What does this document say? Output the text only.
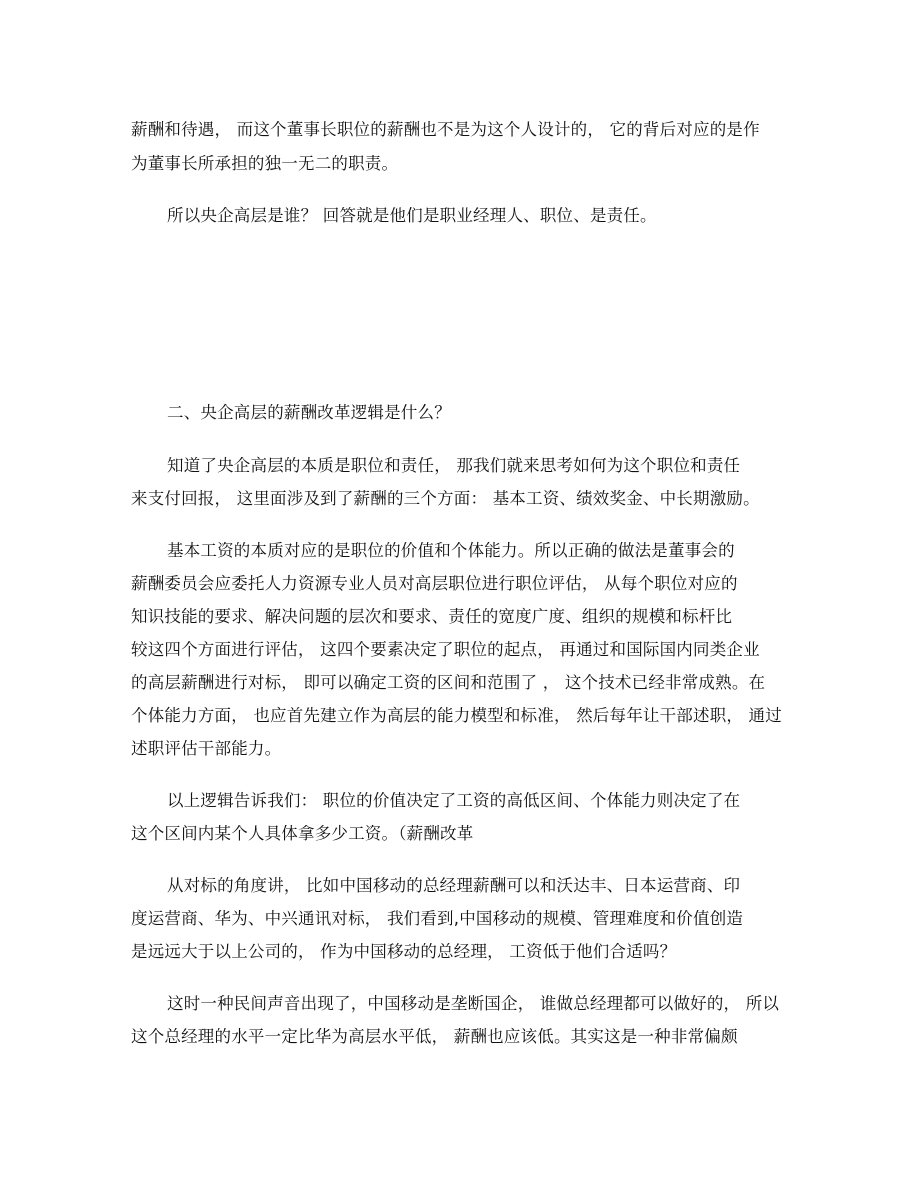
薪酬和待遇， 而这个董事长职位的薪酬也不是为这个人设计的， 它的背后对应的是作
为董事长所承担的独一无二的职责。
所以央企高层是谁？ 回答就是他们是职业经理人、职位、是责任。
二、央企高层的薪酬改革逻辑是什么？
知道了央企高层的本质是职位和责任， 那我们就来思考如何为这个职位和责任
来支付回报， 这里面涉及到了薪酬的三个方面： 基本工资、绩效奖金、中长期激励。
基本工资的本质对应的是职位的价值和个体能力。所以正确的做法是董事会的
薪酬委员会应委托人力资源专业人员对高层职位进行职位评估， 从每个职位对应的
知识技能的要求、解决问题的层次和要求、责任的宽度广度、组织的规模和标杆比
较这四个方面进行评估， 这四个要素决定了职位的起点， 再通过和国际国内同类企业
的高层薪酬进行对标， 即可以确定工资的区间和范围了 ， 这个技术已经非常成熟。在
个体能力方面， 也应首先建立作为高层的能力模型和标准， 然后每年让干部述职， 通过
述职评估干部能力。
以上逻辑告诉我们： 职位的价值决定了工资的高低区间、个体能力则决定了在
这个区间内某个人具体拿多少工资。（薪酬改革
从对标的角度讲， 比如中国移动的总经理薪酬可以和沃达丰、日本运营商、印
度运营商、华为、中兴通讯对标， 我们看到,中国移动的规模、管理难度和价值创造
是远远大于以上公司的， 作为中国移动的总经理， 工资低于他们合适吗？
这时一种民间声音出现了，中国移动是垄断国企， 谁做总经理都可以做好的， 所以
这个总经理的水平一定比华为高层水平低， 薪酬也应该低。其实这是一种非常偏颇
